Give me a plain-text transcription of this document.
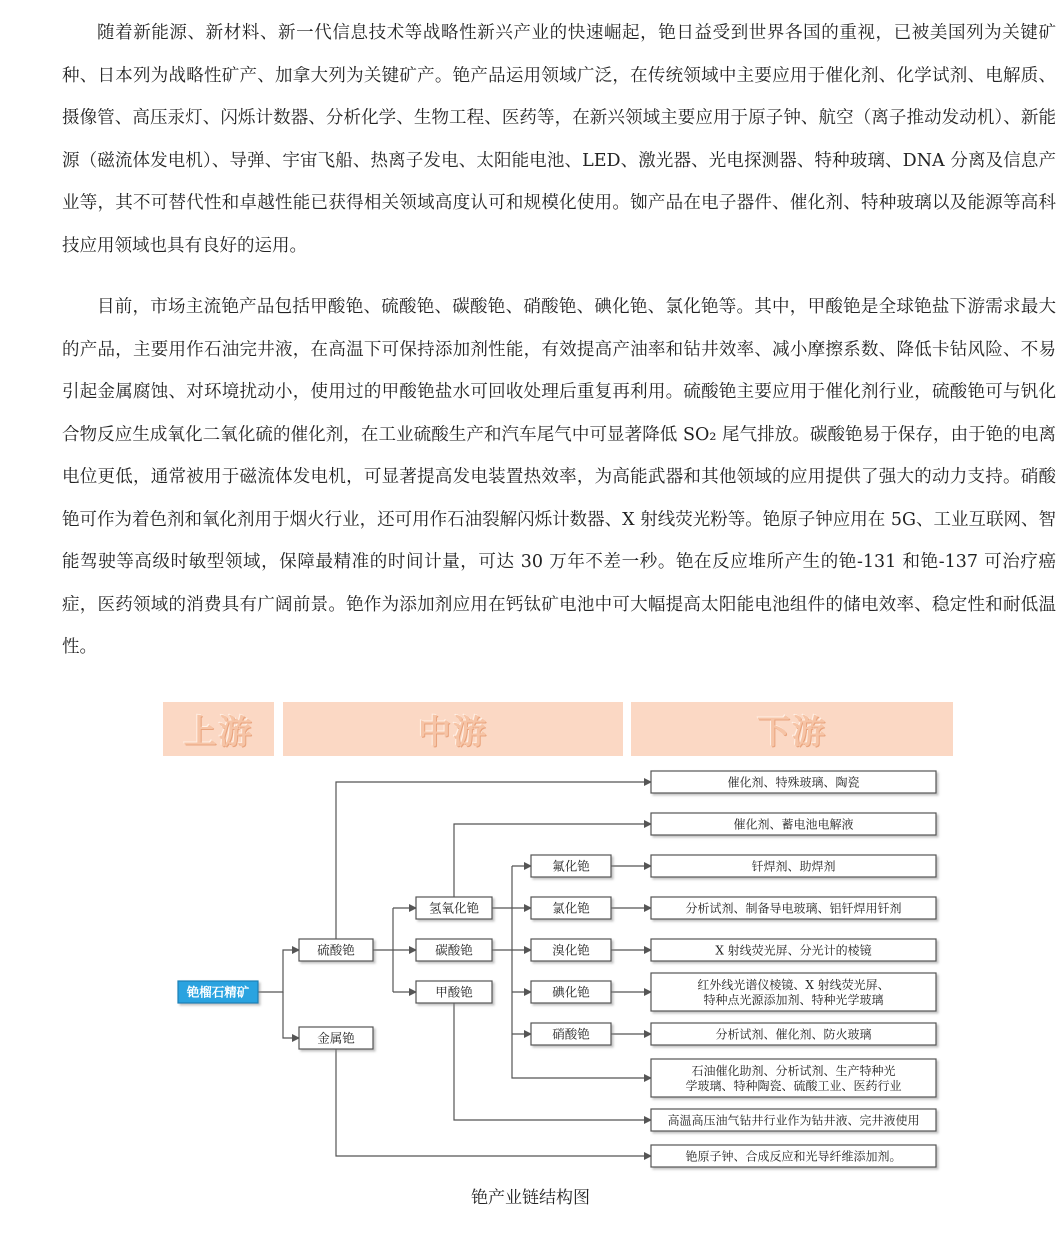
随着新能源、新材料、新一代信息技术等战略性新兴产业的快速崛起，铯日益受到世界各国的重视，已被美国列为关键矿种、日本列为战略性矿产、加拿大列为关键矿产。铯产品运用领域广泛，在传统领域中主要应用于催化剂、化学试剂、电解质、摄像管、高压汞灯、闪烁计数器、分析化学、生物工程、医药等，在新兴领域主要应用于原子钟、航空（离子推动发动机）、新能源（磁流体发电机）、导弹、宇宙飞船、热离子发电、太阳能电池、LED、激光器、光电探测器、特种玻璃、DNA 分离及信息产业等，其不可替代性和卓越性能已获得相关领域高度认可和规模化使用。铷产品在电子器件、催化剂、特种玻璃以及能源等高科技应用领域也具有良好的运用。

目前，市场主流铯产品包括甲酸铯、硫酸铯、碳酸铯、硝酸铯、碘化铯、氯化铯等。其中，甲酸铯是全球铯盐下游需求最大的产品，主要用作石油完井液，在高温下可保持添加剂性能，有效提高产油率和钻井效率、减小摩擦系数、降低卡钻风险、不易引起金属腐蚀、对环境扰动小，使用过的甲酸铯盐水可回收处理后重复再利用。硫酸铯主要应用于催化剂行业，硫酸铯可与钒化合物反应生成氧化二氧化硫的催化剂，在工业硫酸生产和汽车尾气中可显著降低 SO₂ 尾气排放。碳酸铯易于保存，由于铯的电离电位更低，通常被用于磁流体发电机，可显著提高发电装置热效率，为高能武器和其他领域的应用提供了强大的动力支持。硝酸铯可作为着色剂和氧化剂用于烟火行业，还可用作石油裂解闪烁计数器、X 射线荧光粉等。铯原子钟应用在 5G、工业互联网、智能驾驶等高级时敏型领域，保障最精准的时间计量，可达 30 万年不差一秒。铯在反应堆所产生的铯-131 和铯-137 可治疗癌症，医药领域的消费具有广阔前景。铯作为添加剂应用在钙钛矿电池中可大幅提高太阳能电池组件的储电效率、稳定性和耐低温性。

上游	中游	下游
铯榴石精矿
硫酸铯
金属铯
氢氧化铯
碳酸铯
甲酸铯
氟化铯
氯化铯
溴化铯
碘化铯
硝酸铯
催化剂、特殊玻璃、陶瓷
催化剂、蓄电池电解液
钎焊剂、助焊剂
分析试剂、制备导电玻璃、铝钎焊用钎剂
X 射线荧光屏、分光计的棱镜
红外线光谱仪棱镜、X 射线荧光屏、
特种点光源添加剂、特种光学玻璃
分析试剂、催化剂、防火玻璃
石油催化助剂、分析试剂、生产特种光
学玻璃、特种陶瓷、硫酸工业、医药行业
高温高压油气钻井行业作为钻井液、完井液使用
铯原子钟、合成反应和光导纤维添加剂。
铯产业链结构图
